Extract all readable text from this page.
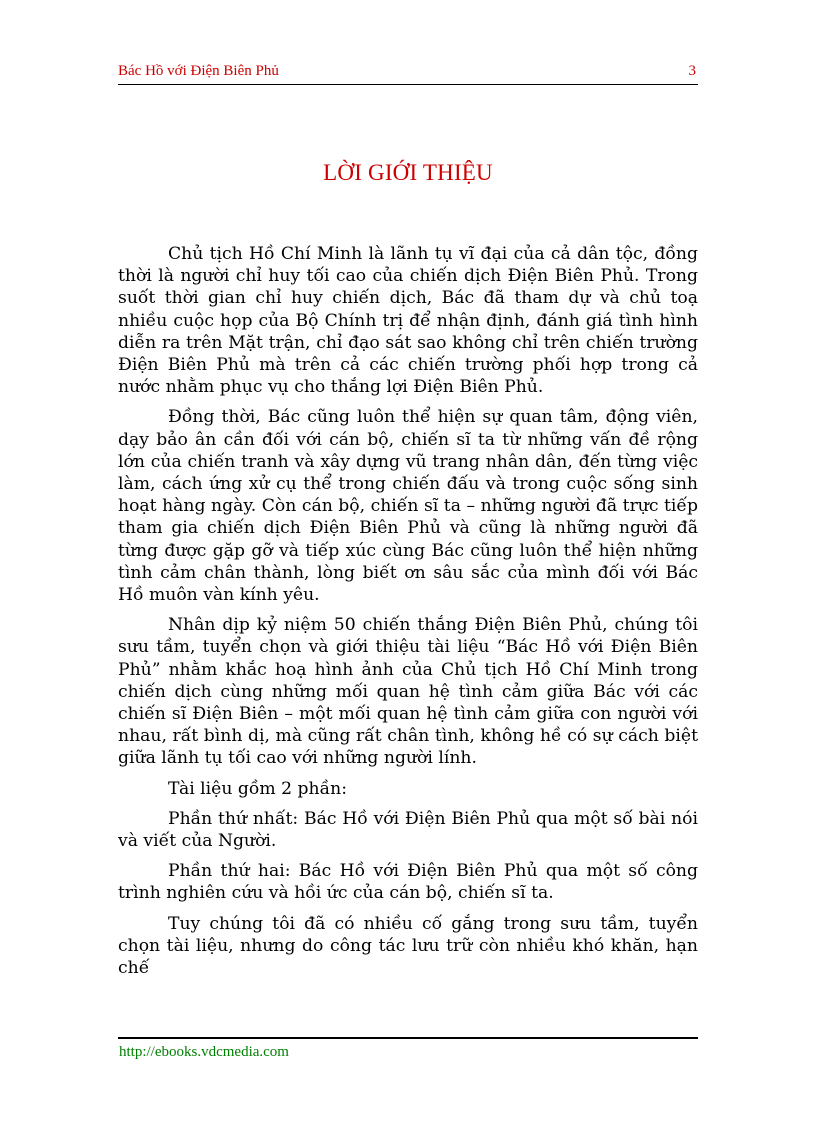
Bác Hồ với Điện Biên Phủ	3
LỜI GIỚI THIỆU

Chủ tịch Hồ Chí Minh là lãnh tụ vĩ đại của cả dân tộc, đồng thời là người chỉ huy tối cao của chiến dịch Điện Biên Phủ. Trong suốt thời gian chỉ huy chiến dịch, Bác đã tham dự và chủ toạ nhiều cuộc họp của Bộ Chính trị để nhận định, đánh giá tình hình diễn ra trên Mặt trận, chỉ đạo sát sao không chỉ trên chiến trường Điện Biên Phủ mà trên cả các chiến trường phối hợp trong cả nước nhằm phục vụ cho thắng lợi Điện Biên Phủ.

Đồng thời, Bác cũng luôn thể hiện sự quan tâm, động viên, dạy bảo ân cần đối với cán bộ, chiến sĩ ta từ những vấn đề rộng lớn của chiến tranh và xây dựng vũ trang nhân dân, đến từng việc làm, cách ứng xử cụ thể trong chiến đấu và trong cuộc sống sinh hoạt hàng ngày. Còn cán bộ, chiến sĩ ta – những người đã trực tiếp tham gia chiến dịch Điện Biên Phủ và cũng là những người đã từng được gặp gỡ và tiếp xúc cùng Bác cũng luôn thể hiện những tình cảm chân thành, lòng biết ơn sâu sắc của mình đối với Bác Hồ muôn vàn kính yêu.

Nhân dịp kỷ niệm 50 chiến thắng Điện Biên Phủ, chúng tôi sưu tầm, tuyển chọn và giới thiệu tài liệu “Bác Hồ với Điện Biên Phủ” nhằm khắc hoạ hình ảnh của Chủ tịch Hồ Chí Minh trong chiến dịch cùng những mối quan hệ tình cảm giữa Bác với các chiến sĩ Điện Biên – một mối quan hệ tình cảm giữa con người với nhau, rất bình dị, mà cũng rất chân tình, không hề có sự cách biệt giữa lãnh tụ tối cao với những người lính.

Tài liệu gồm 2 phần:

Phần thứ nhất: Bác Hồ với Điện Biên Phủ qua một số bài nói và viết của Người.

Phần thứ hai: Bác Hồ với Điện Biên Phủ qua một số công trình nghiên cứu và hồi ức của cán bộ, chiến sĩ ta.

Tuy chúng tôi đã có nhiều cố gắng trong sưu tầm, tuyển chọn tài liệu, nhưng do công tác lưu trữ còn nhiều khó khăn, hạn chế

http://ebooks.vdcmedia.com
